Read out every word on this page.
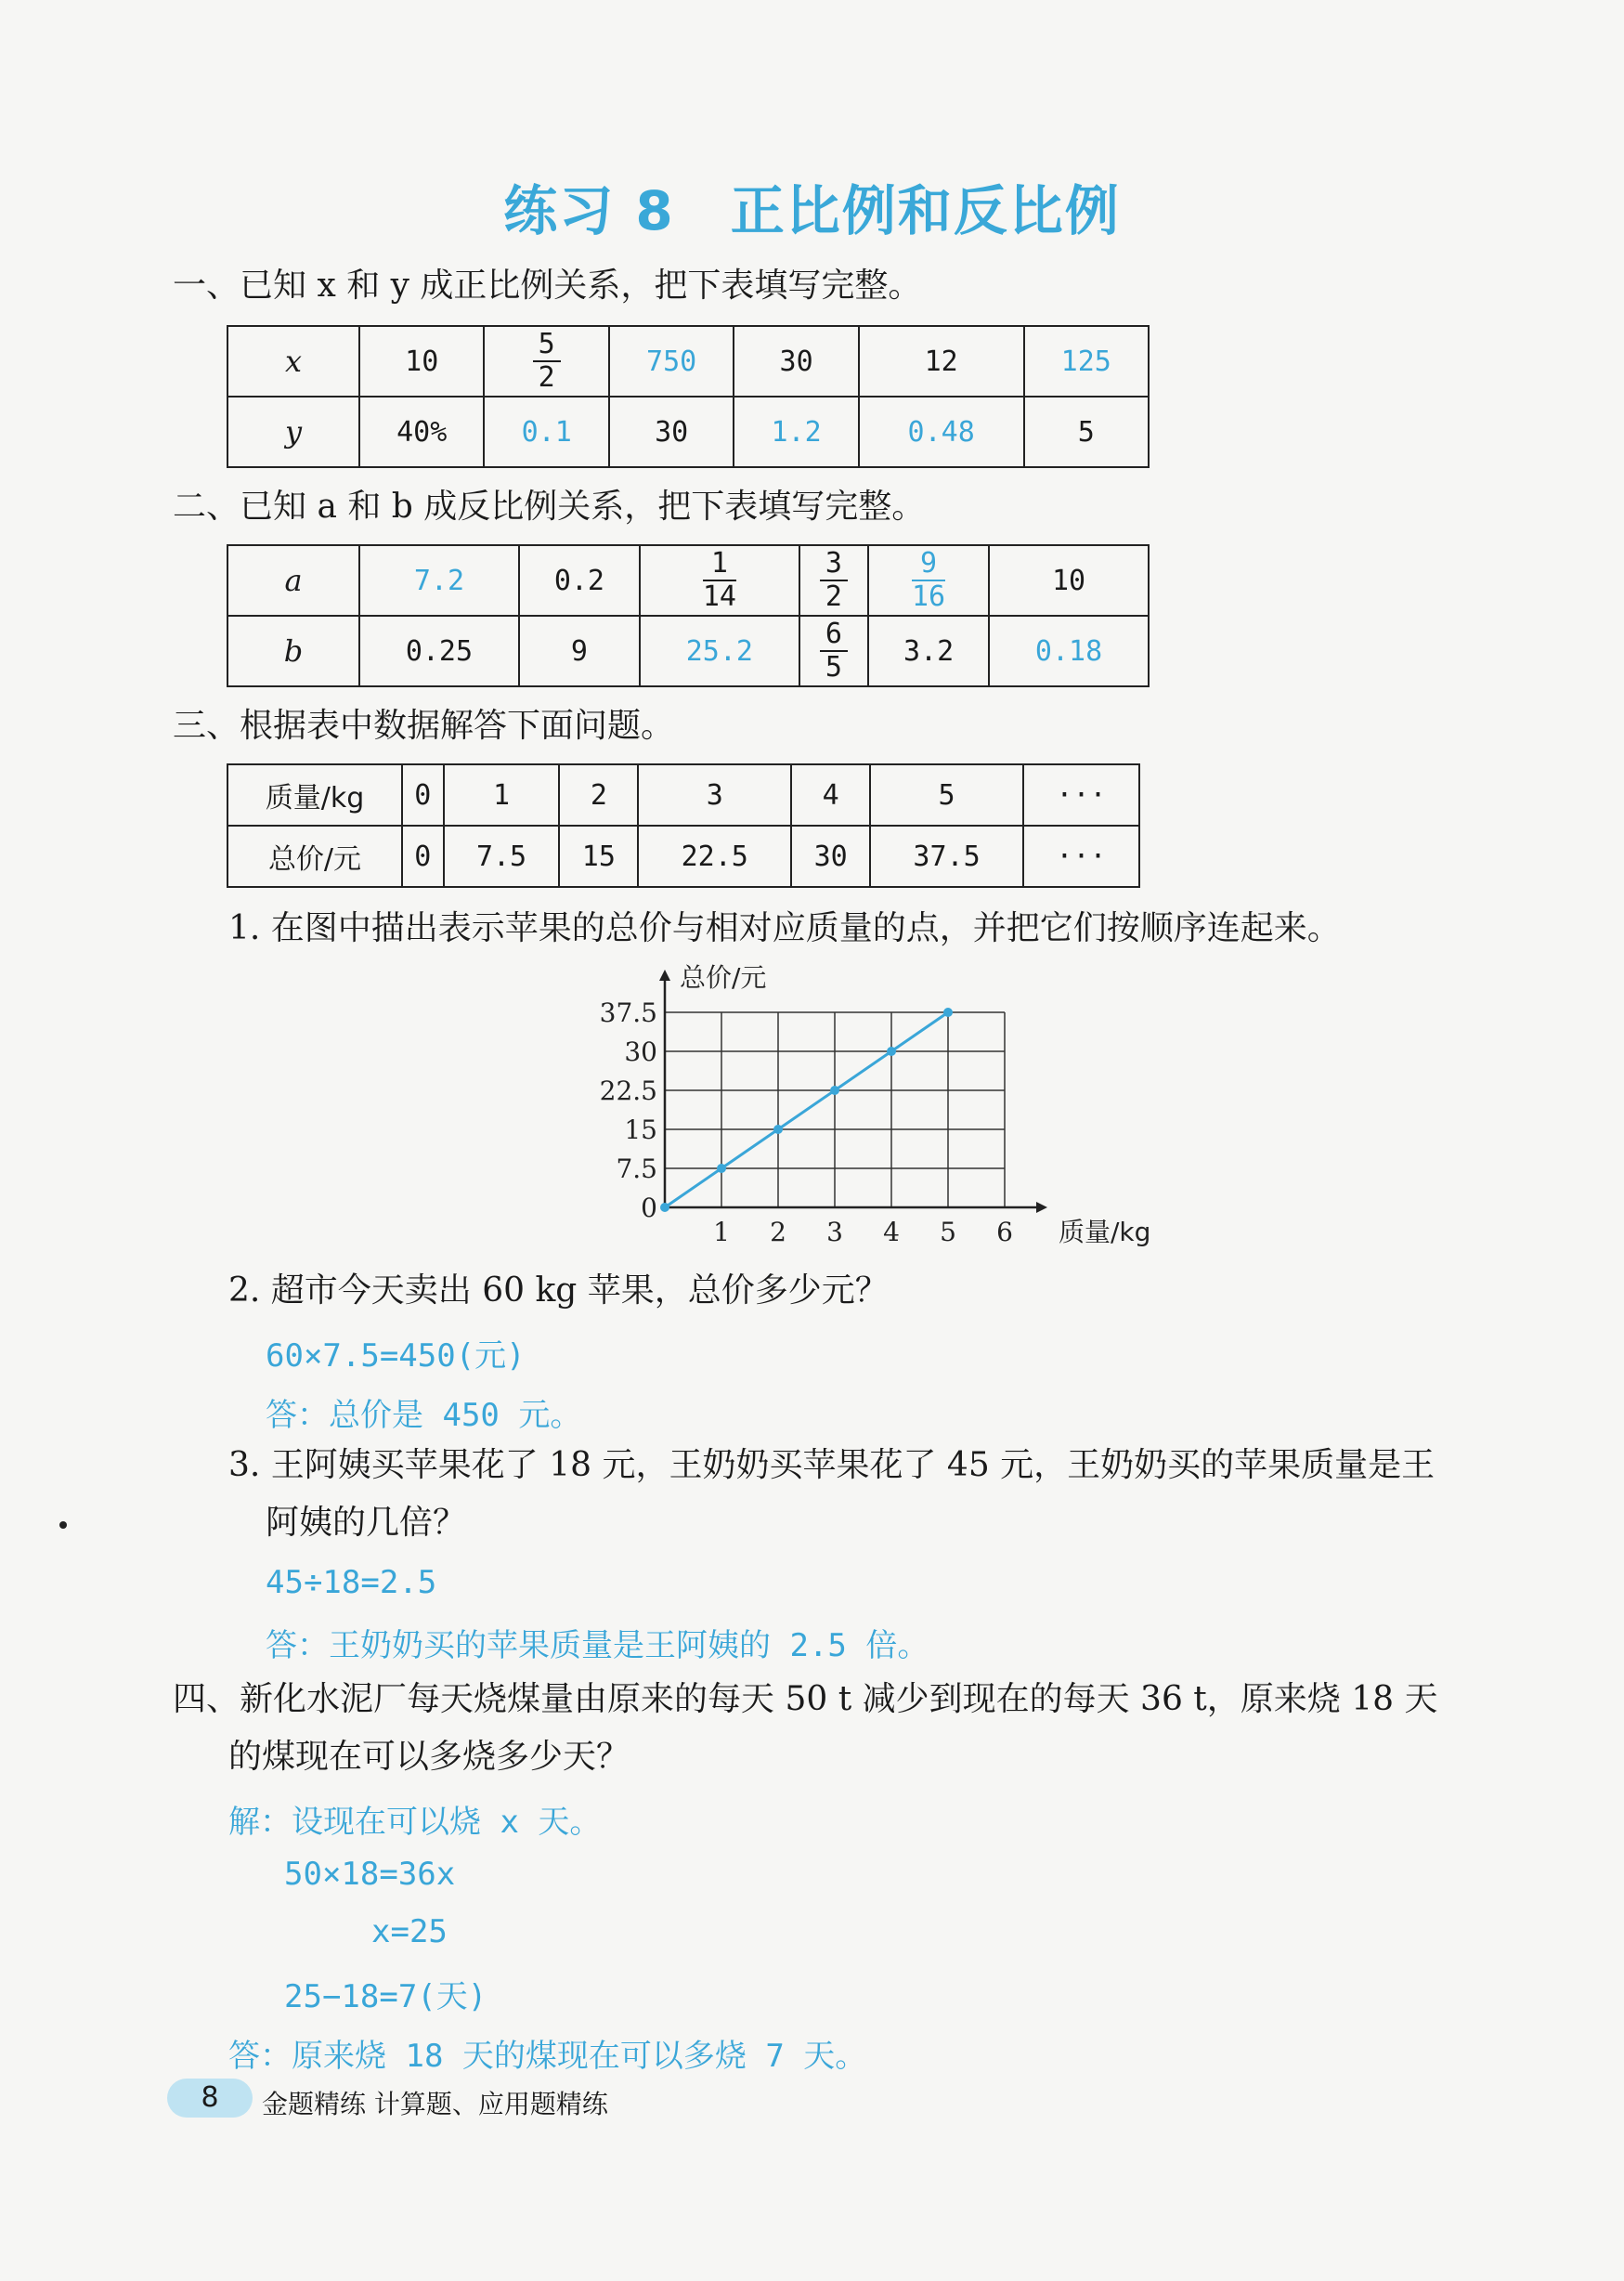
练习 8 正比例和反比例
一、已知 x 和 y 成正比例关系，把下表填写完整。
x	10	$\frac{5}{2}$	750	30	12	125
y	40%	0.1	30	1.2	0.48	5
二、已知 a 和 b 成反比例关系，把下表填写完整。
a	7.2	0.2	$\frac{1}{14}$	$\frac{3}{2}$	$\frac{9}{16}$	10
b	0.25	9	25.2	$\frac{6}{5}$	3.2	0.18
三、根据表中数据解答下面问题。
质量/kg	0	1	2	3	4	5	···
总价/元	0	7.5	15	22.5	30	37.5	···
1. 在图中描出表示苹果的总价与相对应质量的点，并把它们按顺序连起来。
1 2 3 4 5 6
0
7.5
15
22.5
30
37.5
总价/元
质量/kg
2. 超市今天卖出 60 kg 苹果，总价多少元？
60×7.5=450(元)
答：总价是 450 元。
3. 王阿姨买苹果花了 18 元，王奶奶买苹果花了 45 元，王奶奶买的苹果质量是王
阿姨的几倍？
45÷18=2.5
答：王奶奶买的苹果质量是王阿姨的 2.5 倍。
四、新化水泥厂每天烧煤量由原来的每天 50 t 减少到现在的每天 36 t，原来烧 18 天
的煤现在可以多烧多少天？
解：设现在可以烧 x 天。
50×18=36x
x=25
25−18=7(天)
答：原来烧 18 天的煤现在可以多烧 7 天。
8	金题精练 计算题、应用题精练
